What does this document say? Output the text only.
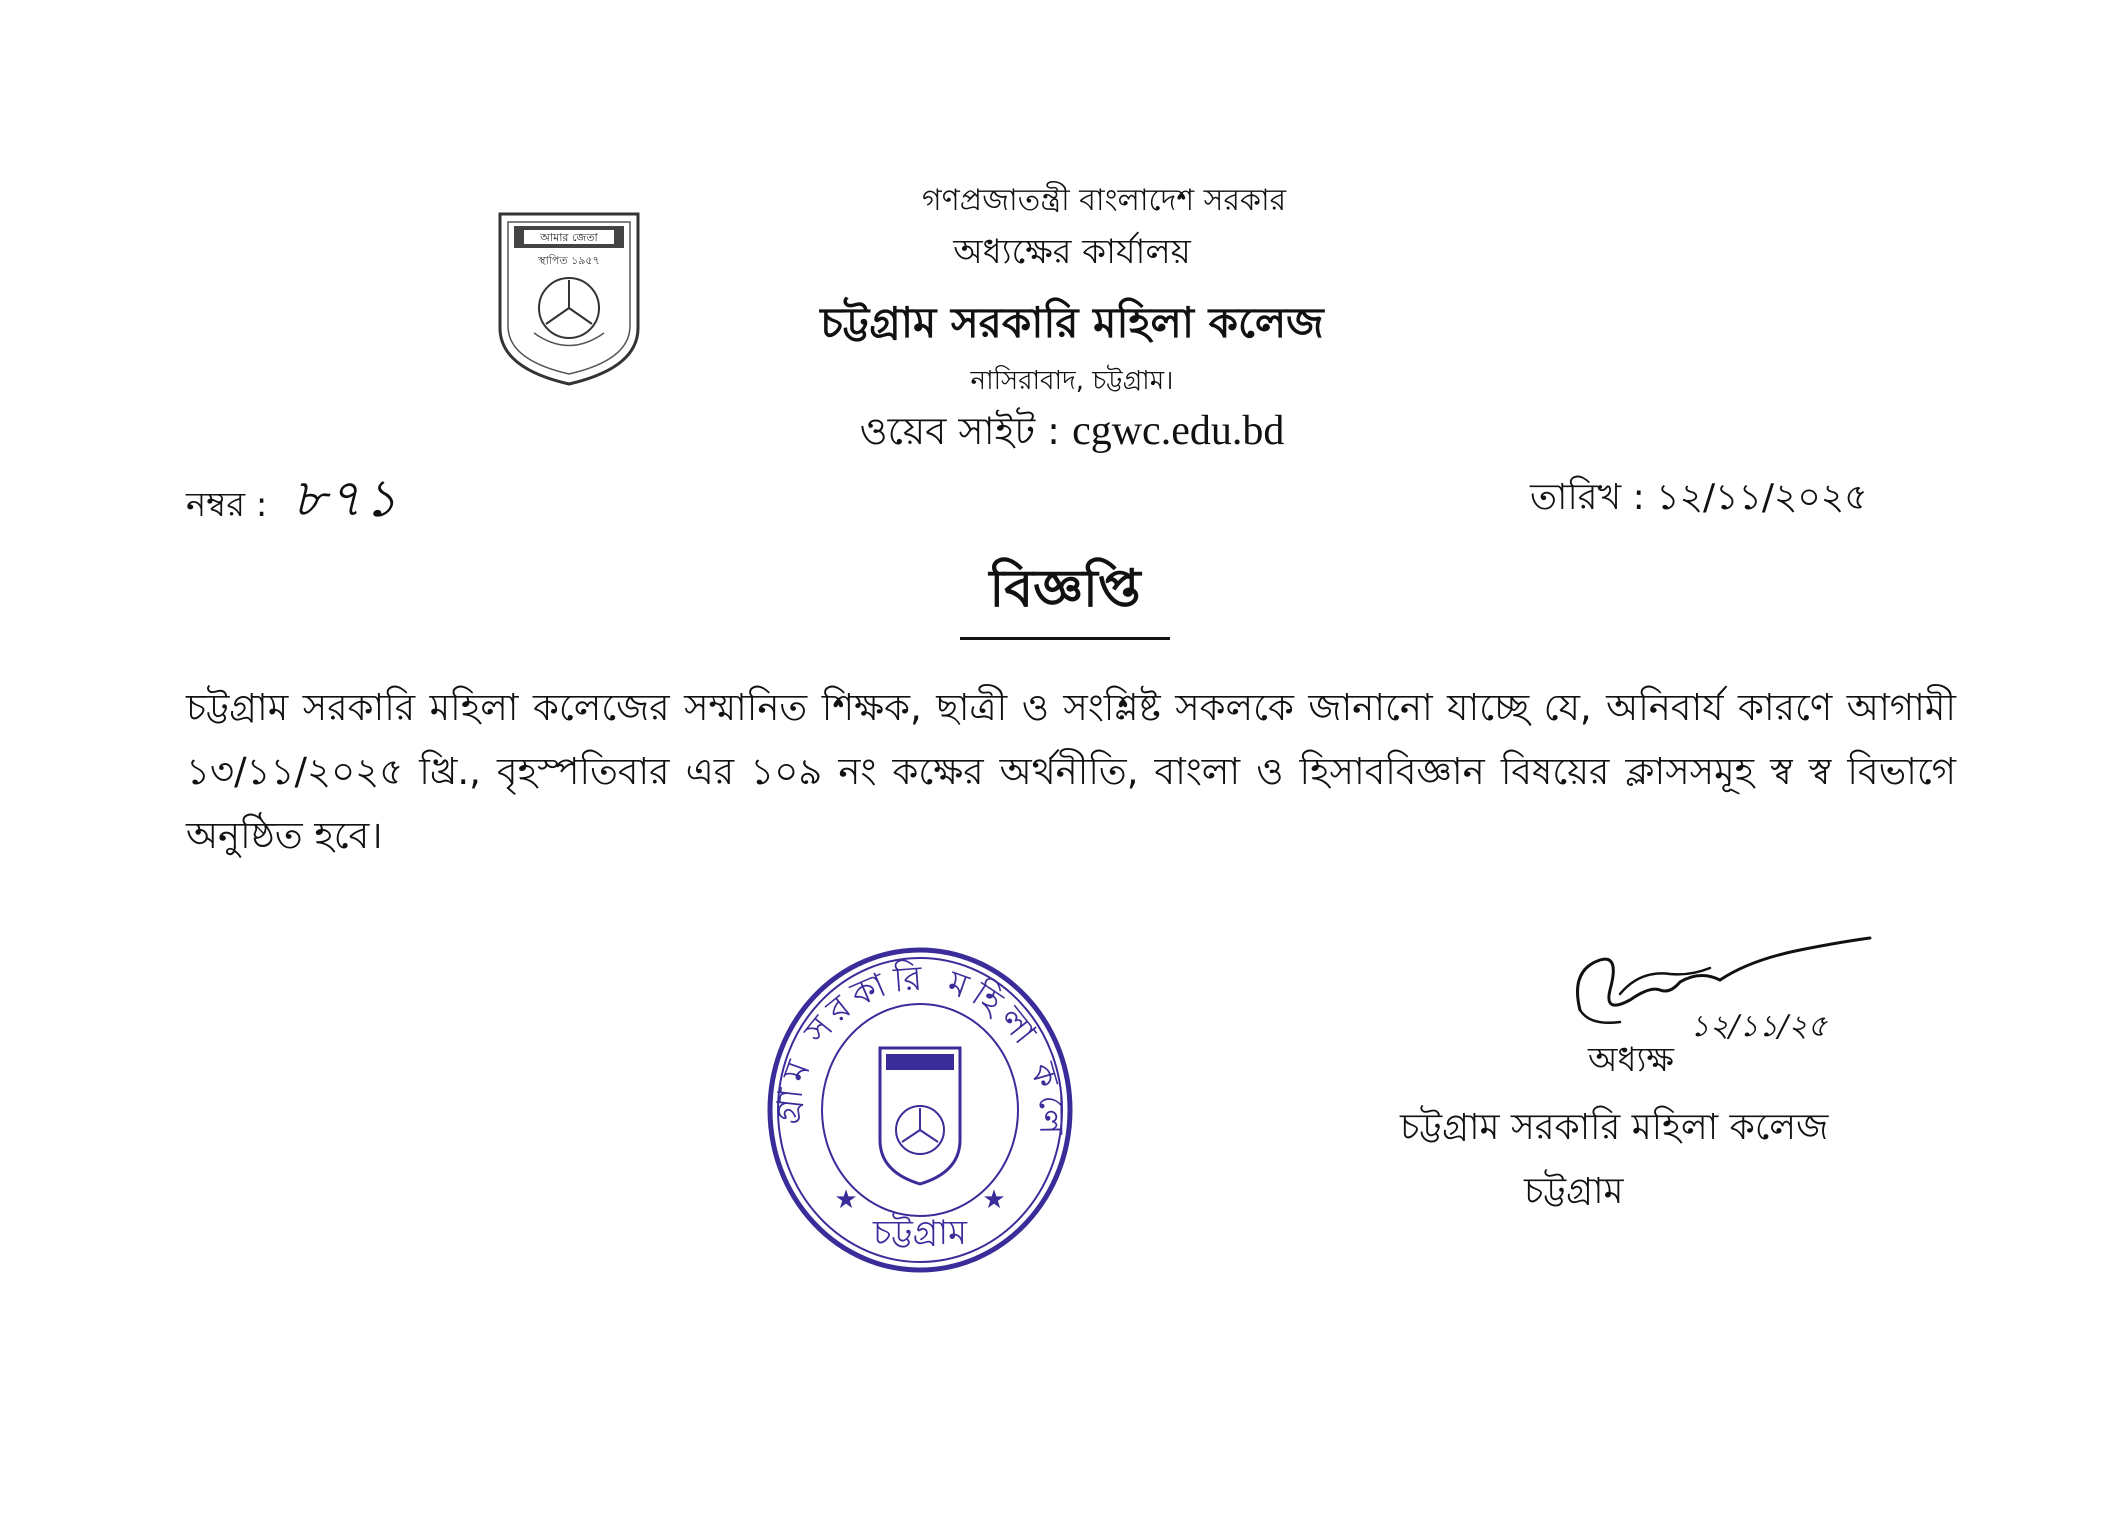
গণপ্রজাতন্ত্রী বাংলাদেশ সরকার
অধ্যক্ষের কার্যালয়
চট্টগ্রাম সরকারি মহিলা কলেজ
নাসিরাবাদ, চট্টগ্রাম।
ওয়েব সাইট : cgwc.edu.bd
আমার জেতা
স্থাপিত ১৯৫৭
নম্বর : ৮৭১	তারিখ : ১২/১১/২০২৫
বিজ্ঞপ্তি
চট্টগ্রাম সরকারি মহিলা কলেজের সম্মানিত শিক্ষক, ছাত্রী ও সংশ্লিষ্ট সকলকে জানানো যাচ্ছে যে, অনিবার্য কারণে আগামী ১৩/১১/২০২৫ খ্রি., বৃহস্পতিবার এর ১০৯ নং কক্ষের অর্থনীতি, বাংলা ও হিসাববিজ্ঞান বিষয়ের ক্লাসসমূহ স্ব স্ব বিভাগে অনুষ্ঠিত হবে।
১২/১১/২৫
অধ্যক্ষ
চট্টগ্রাম সরকারি মহিলা কলেজ
চট্টগ্রাম
গ্রাম সরকারি মহিলা কলে
★	★
চট্টগ্রাম
